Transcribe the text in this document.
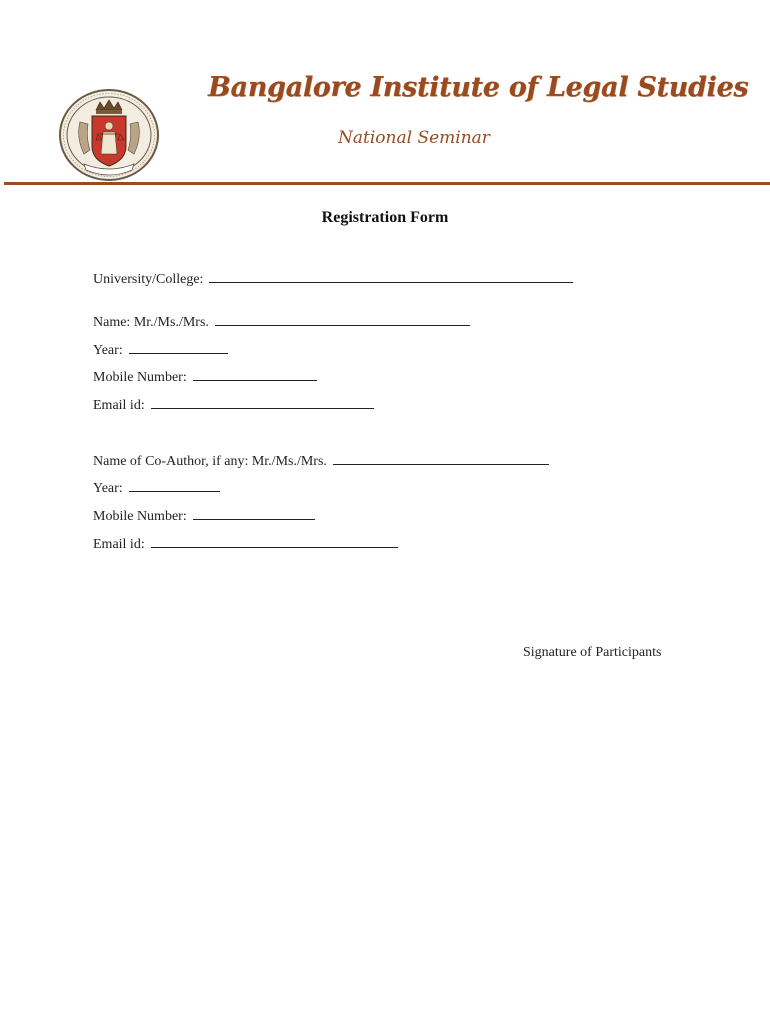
Bangalore Institute of Legal Studies
National Seminar
Registration Form
University/College:
Name: Mr./Ms./Mrs.
Year:
Mobile Number:
Email id:
Name of Co-Author, if any: Mr./Ms./Mrs.
Year:
Mobile Number:
Email id:
Signature of Participants
